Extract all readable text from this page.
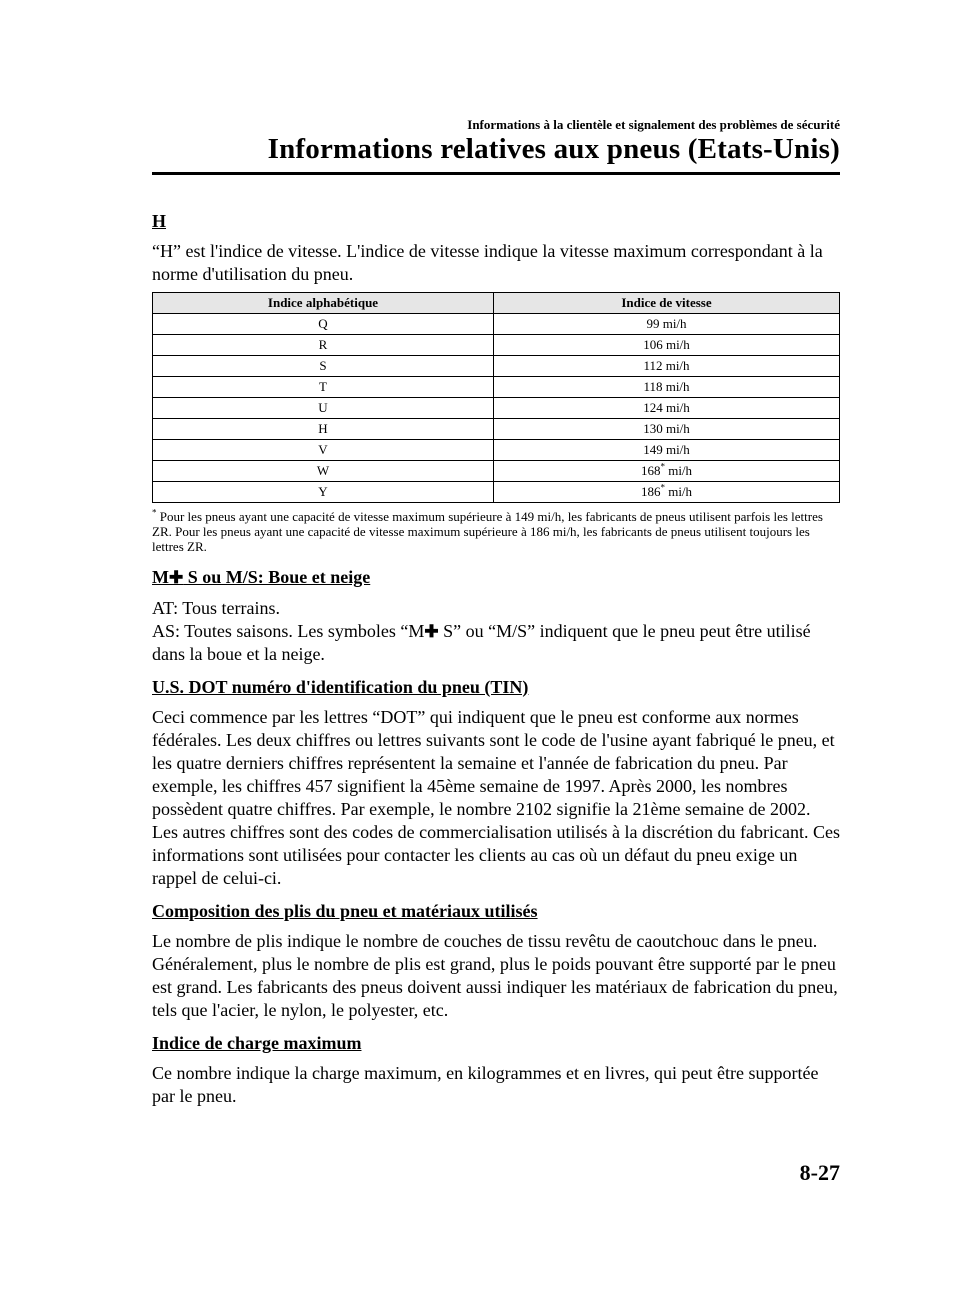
Informations à la clientèle et signalement des problèmes de sécurité
Informations relatives aux pneus (Etats-Unis)
H

“H” est l'indice de vitesse. L'indice de vitesse indique la vitesse maximum correspondant à la norme d'utilisation du pneu.

Indice alphabétique	Indice de vitesse
Q	99 mi/h
R	106 mi/h
S	112 mi/h
T	118 mi/h
U	124 mi/h
H	130 mi/h
V	149 mi/h
W	168* mi/h
Y	186* mi/h
* Pour les pneus ayant une capacité de vitesse maximum supérieure à 149 mi/h, les fabricants de pneus utilisent parfois les lettres ZR. Pour les pneus ayant une capacité de vitesse maximum supérieure à 186 mi/h, les fabricants de pneus utilisent toujours les lettres ZR.
M✚ S ou M/S: Boue et neige

AT: Tous terrains.
AS: Toutes saisons. Les symboles “M✚ S” ou “M/S” indiquent que le pneu peut être utilisé dans la boue et la neige.

U.S. DOT numéro d'identification du pneu (TIN)

Ceci commence par les lettres “DOT” qui indiquent que le pneu est conforme aux normes fédérales. Les deux chiffres ou lettres suivants sont le code de l'usine ayant fabriqué le pneu, et les quatre derniers chiffres représentent la semaine et l'année de fabrication du pneu. Par exemple, les chiffres 457 signifient la 45ème semaine de 1997. Après 2000, les nombres possèdent quatre chiffres. Par exemple, le nombre 2102 signifie la 21ème semaine de 2002. Les autres chiffres sont des codes de commercialisation utilisés à la discrétion du fabricant. Ces informations sont utilisées pour contacter les clients au cas où un défaut du pneu exige un rappel de celui-ci.

Composition des plis du pneu et matériaux utilisés

Le nombre de plis indique le nombre de couches de tissu revêtu de caoutchouc dans le pneu. Généralement, plus le nombre de plis est grand, plus le poids pouvant être supporté par le pneu est grand. Les fabricants des pneus doivent aussi indiquer les matériaux de fabrication du pneu, tels que l'acier, le nylon, le polyester, etc.

Indice de charge maximum

Ce nombre indique la charge maximum, en kilogrammes et en livres, qui peut être supportée par le pneu.

8-27
